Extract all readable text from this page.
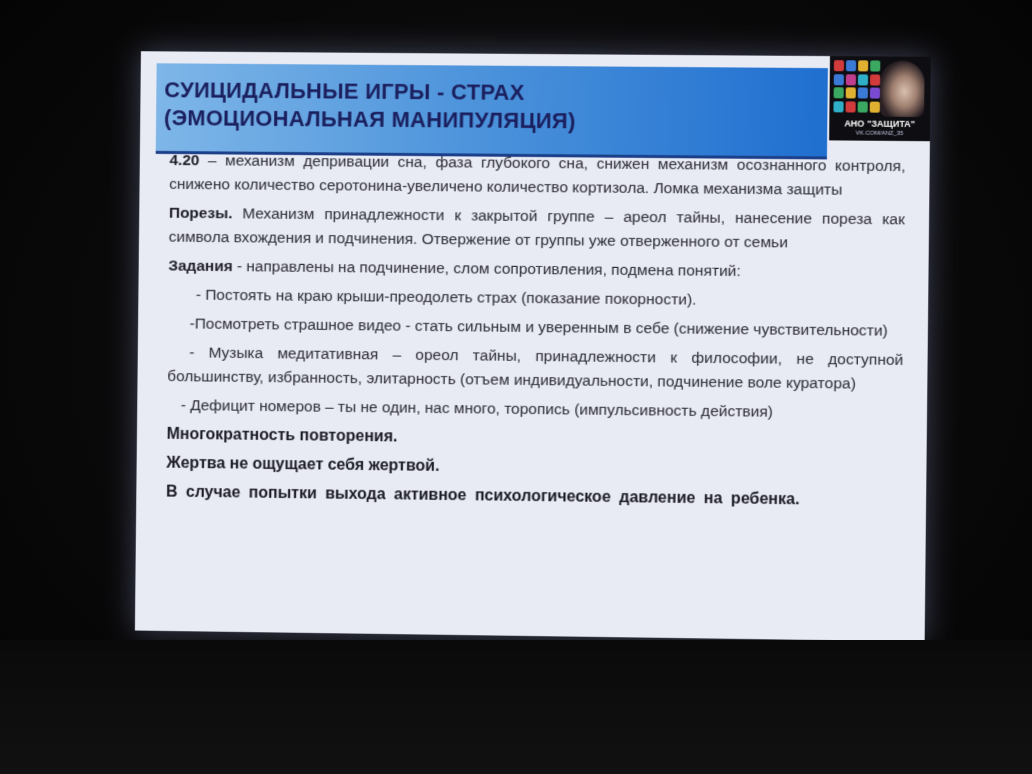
СУИЦИДАЛЬНЫЕ ИГРЫ - СТРАХ
(ЭМОЦИОНАЛЬНАЯ МАНИПУЛЯЦИЯ)	АНО "ЗАЩИТА"
VK.COM/ANZ_35

4.20 – механизм депривации сна, фаза глубокого сна, снижен механизм осознанного контроля, снижено количество серотонина-увеличено количество кортизола. Ломка механизма защиты

Порезы. Механизм принадлежности к закрытой группе – ареол тайны, нанесение пореза как символа вхождения и подчинения. Отвержение от группы уже отверженного от семьи

Задания - направлены на подчинение, слом сопротивления, подмена понятий:

- Постоять на краю крыши-преодолеть страх (показание покорности).

-Посмотреть страшное видео - стать сильным и уверенным в себе (снижение чувствительности)

- Музыка медитативная – ореол тайны, принадлежности к философии, не доступной большинству, избранность, элитарность (отъем индивидуальности, подчинение воле куратора)

- Дефицит номеров – ты не один, нас много, торопись (импульсивность действия)

Многократность повторения.

Жертва не ощущает себя жертвой.

В случае попытки выхода активное психологическое давление на ребенка.
